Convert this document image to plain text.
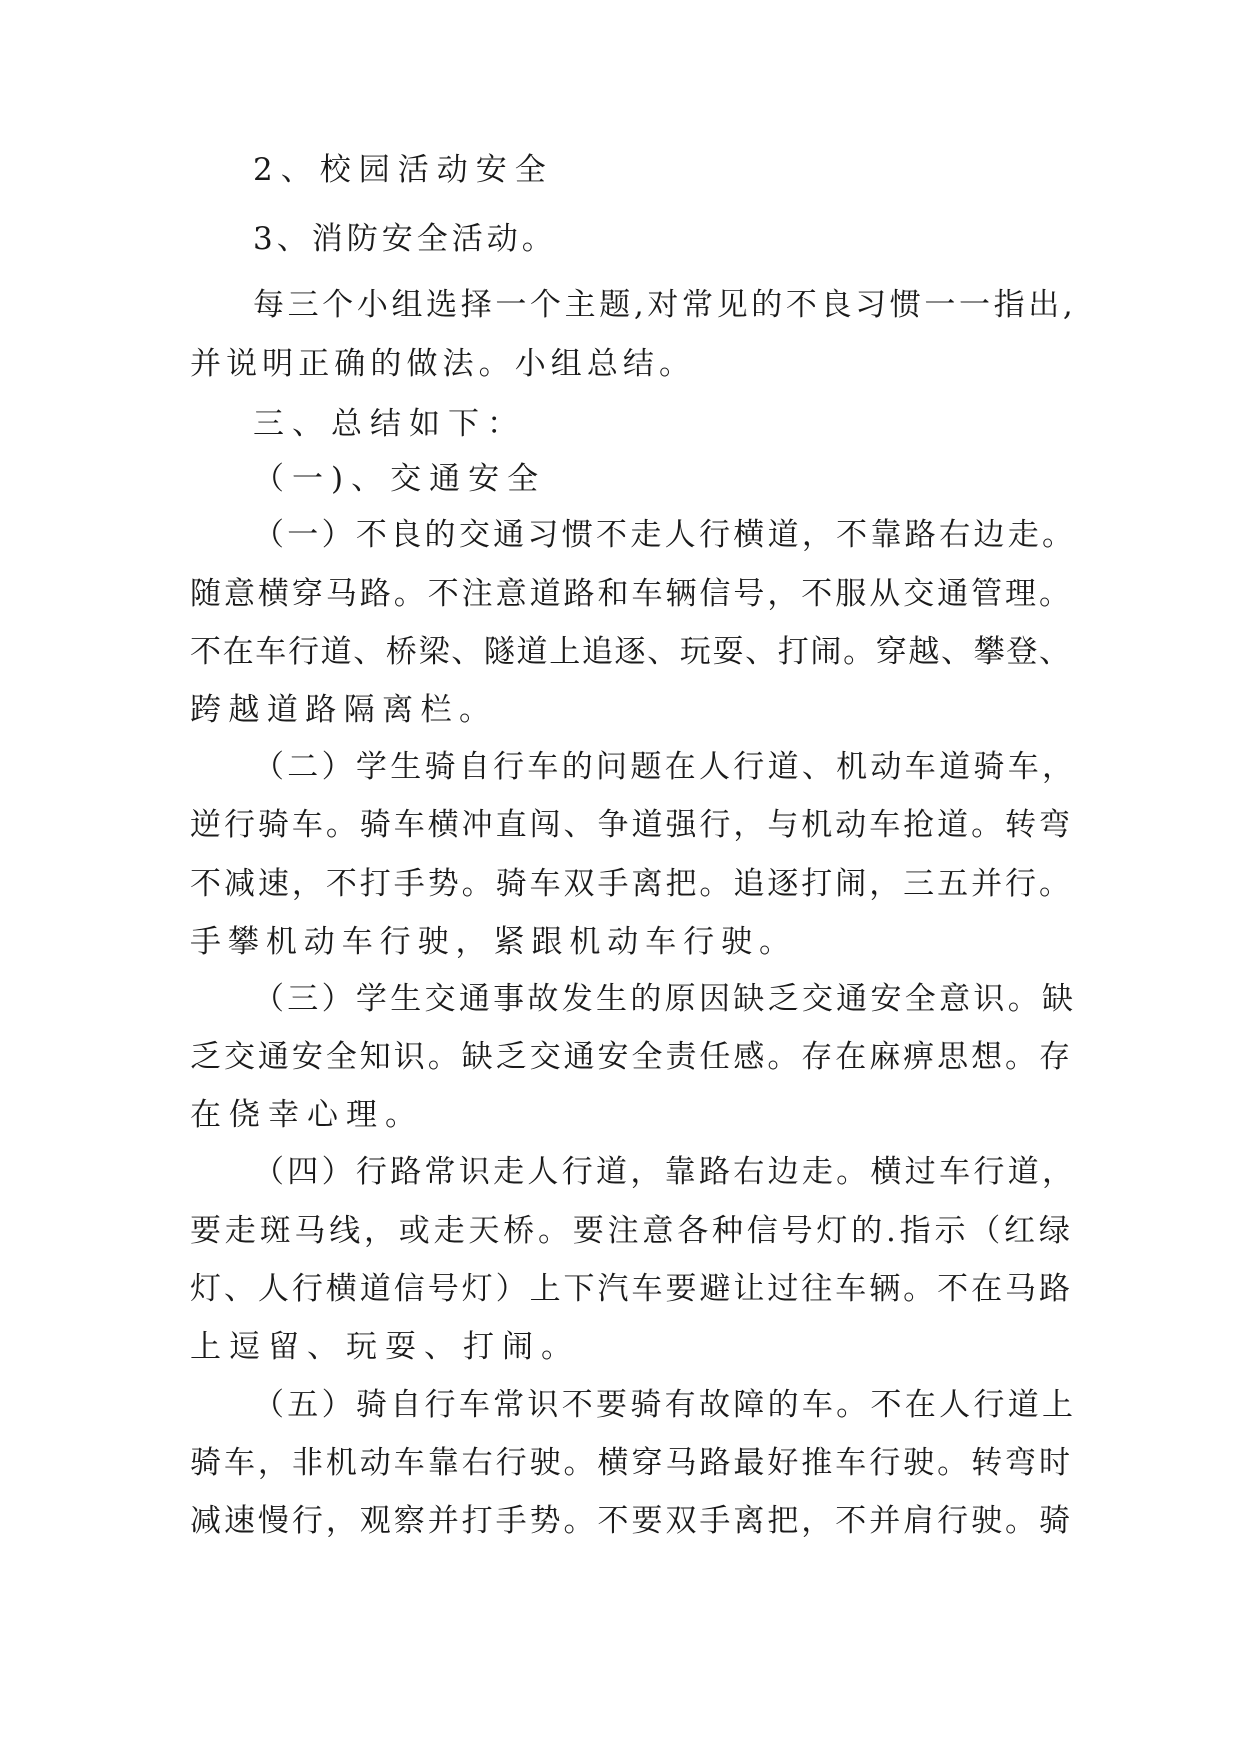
2、校园活动安全
3、消防安全活动。
每三个小组选择一个主题,对常见的不良习惯一一指出,
并说明正确的做法。小组总结。
三、总结如下：
（一)、交通安全
（一）不良的交通习惯不走人行横道，不靠路右边走。
随意横穿马路。不注意道路和车辆信号，不服从交通管理。
不在车行道、桥梁、隧道上追逐、玩耍、打闹。穿越、攀登、
跨越道路隔离栏。
（二）学生骑自行车的问题在人行道、机动车道骑车，
逆行骑车。骑车横冲直闯、争道强行，与机动车抢道。转弯
不减速，不打手势。骑车双手离把。追逐打闹，三五并行。
手攀机动车行驶，紧跟机动车行驶。
（三）学生交通事故发生的原因缺乏交通安全意识。缺
乏交通安全知识。缺乏交通安全责任感。存在麻痹思想。存
在侥幸心理。
（四）行路常识走人行道，靠路右边走。横过车行道，
要走斑马线，或走天桥。要注意各种信号灯的.指示（红绿
灯、人行横道信号灯）上下汽车要避让过往车辆。不在马路
上逗留、玩耍、打闹。
（五）骑自行车常识不要骑有故障的车。不在人行道上
骑车，非机动车靠右行驶。横穿马路最好推车行驶。转弯时
减速慢行，观察并打手势。不要双手离把，不并肩行驶。骑
